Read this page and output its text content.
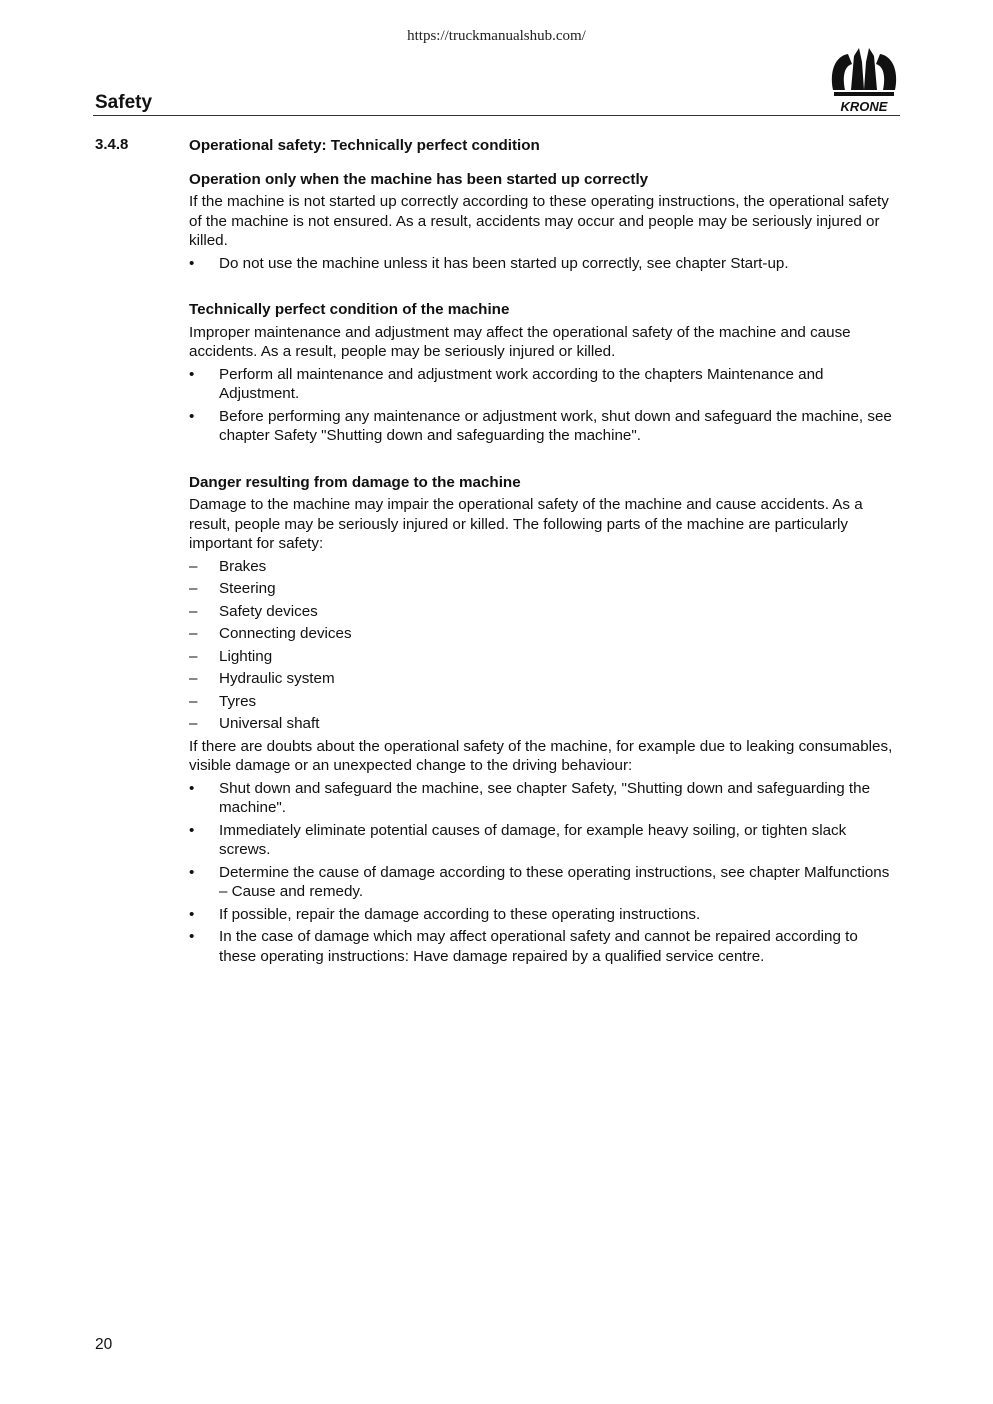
https://truckmanualshub.com/
Safety	KRONE
3.4.8	Operational safety: Technically perfect condition
Operation only when the machine has been started up correctly

If the machine is not started up correctly according to these operating instructions, the operational safety of the machine is not ensured. As a result, accidents may occur and people may be seriously injured or killed.

• Do not use the machine unless it has been started up correctly, see chapter Start-up.
Technically perfect condition of the machine

Improper maintenance and adjustment may affect the operational safety of the machine and cause accidents. As a result, people may be seriously injured or killed.

• Perform all maintenance and adjustment work according to the chapters Maintenance and Adjustment.
• Before performing any maintenance or adjustment work, shut down and safeguard the machine, see chapter Safety "Shutting down and safeguarding the machine".
Danger resulting from damage to the machine

Damage to the machine may impair the operational safety of the machine and cause accidents. As a result, people may be seriously injured or killed. The following parts of the machine are particularly important for safety:

– Brakes
– Steering
– Safety devices
– Connecting devices
– Lighting
– Hydraulic system
– Tyres
– Universal shaft

If there are doubts about the operational safety of the machine, for example due to leaking consumables, visible damage or an unexpected change to the driving behaviour:

• Shut down and safeguard the machine, see chapter Safety, "Shutting down and safeguarding the machine".
• Immediately eliminate potential causes of damage, for example heavy soiling, or tighten slack screws.
• Determine the cause of damage according to these operating instructions, see chapter Malfunctions – Cause and remedy.
• If possible, repair the damage according to these operating instructions.
• In the case of damage which may affect operational safety and cannot be repaired according to these operating instructions: Have damage repaired by a qualified service centre.
20
